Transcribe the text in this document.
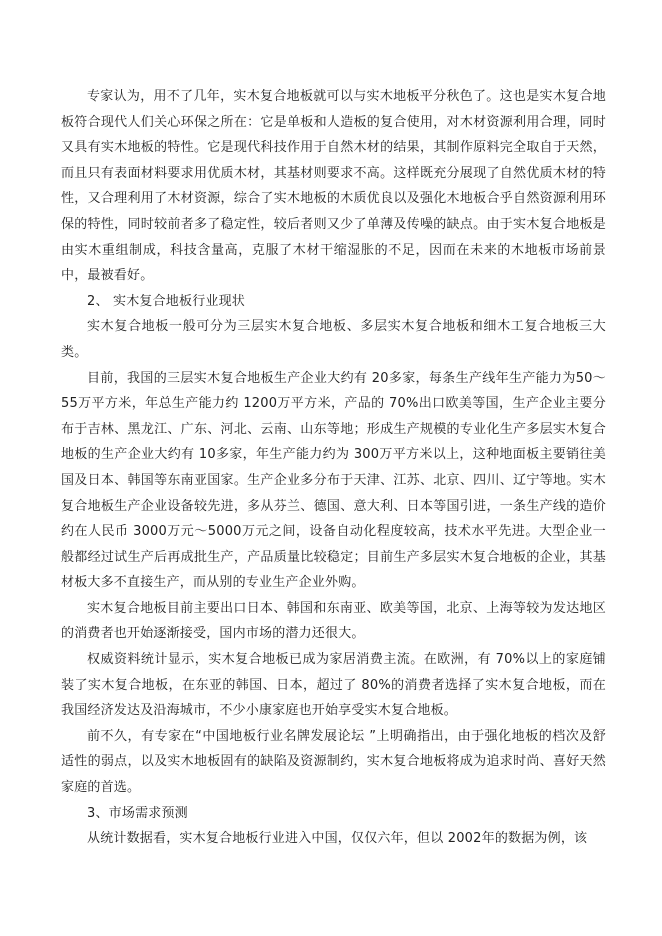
专家认为，用不了几年，实木复合地板就可以与实木地板平分秋色了。这也是实木复合地板符合现代人们关心环保之所在：它是单板和人造板的复合使用，对木材资源利用合理，同时又具有实木地板的特性。它是现代科技作用于自然木材的结果，其制作原料完全取自于天然，而且只有表面材料要求用优质木材，其基材则要求不高。这样既充分展现了自然优质木材的特性，又合理利用了木材资源，综合了实木地板的木质优良以及强化木地板合乎自然资源利用环保的特性，同时较前者多了稳定性，较后者则又少了单薄及传噪的缺点。由于实木复合地板是由实木重组制成，科技含量高，克服了木材干缩湿胀的不足，因而在未来的木地板市场前景中，最被看好。

2、 实木复合地板行业现状

实木复合地板一般可分为三层实木复合地板、多层实木复合地板和细木工复合地板三大类。

目前，我国的三层实木复合地板生产企业大约有 20多家，每条生产线年生产能力为50～55万平方米，年总生产能力约 1200万平方米，产品的 70%出口欧美等国，生产企业主要分布于吉林、黑龙江、广东、河北、云南、山东等地；形成生产规模的专业化生产多层实木复合地板的生产企业大约有 10多家，年生产能力约为 300万平方米以上，这种地面板主要销往美国及日本、韩国等东南亚国家。生产企业多分布于天津、江苏、北京、四川、辽宁等地。实木复合地板生产企业设备较先进，多从芬兰、德国、意大利、日本等国引进，一条生产线的造价约在人民币 3000万元～5000万元之间，设备自动化程度较高，技术水平先进。大型企业一般都经过试生产后再成批生产，产品质量比较稳定；目前生产多层实木复合地板的企业，其基材板大多不直接生产，而从别的专业生产企业外购。

实木复合地板目前主要出口日本、韩国和东南亚、欧美等国，北京、上海等较为发达地区的消费者也开始逐渐接受，国内市场的潜力还很大。

权威资料统计显示，实木复合地板已成为家居消费主流。在欧洲，有 70%以上的家庭铺装了实木复合地板，在东亚的韩国、日本，超过了 80%的消费者选择了实木复合地板，而在我国经济发达及沿海城市，不少小康家庭也开始享受实木复合地板。

前不久，有专家在“中国地板行业名牌发展论坛 ”上明确指出，由于强化地板的档次及舒适性的弱点，以及实木地板固有的缺陷及资源制约，实木复合地板将成为追求时尚、喜好天然家庭的首选。

3、市场需求预测

从统计数据看，实木复合地板行业进入中国，仅仅六年，但以 2002年的数据为例，该
